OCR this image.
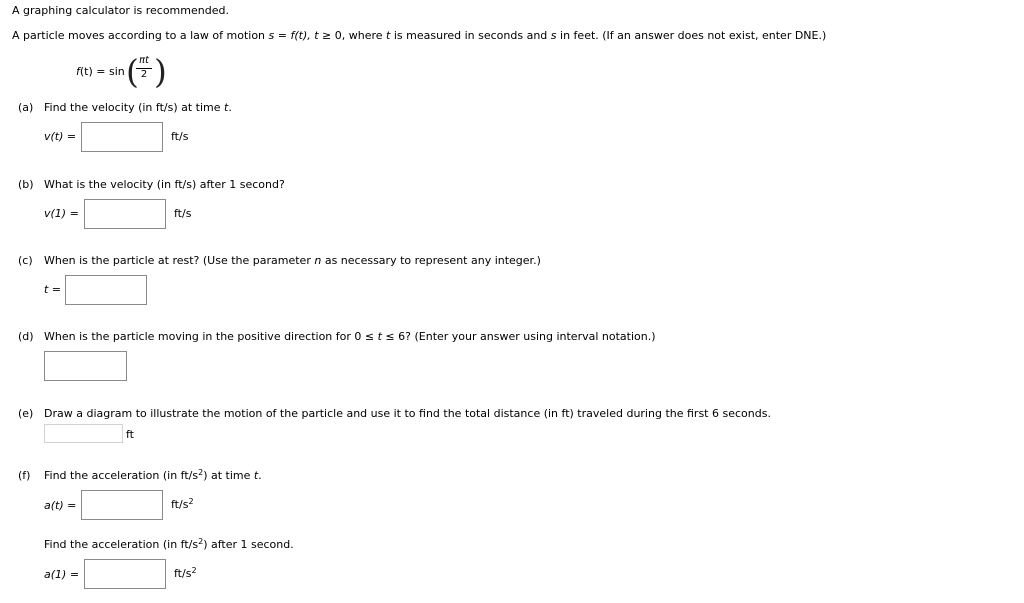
A graphing calculator is recommended.
A particle moves according to a law of motion s = f(t), t ≥ 0, where t is measured in seconds and s in feet. (If an answer does not exist, enter DNE.)
f(t) = sin ( πt
2 )
(a) Find the velocity (in ft/s) at time t.
v(t) =	ft/s
(b) What is the velocity (in ft/s) after 1 second?
v(1) =	ft/s
(c) When is the particle at rest? (Use the parameter n as necessary to represent any integer.)
t =
(d) When is the particle moving in the positive direction for 0 ≤ t ≤ 6? (Enter your answer using interval notation.)
(e) Draw a diagram to illustrate the motion of the particle and use it to find the total distance (in ft) traveled during the first 6 seconds.
ft
(f) Find the acceleration (in $ft/s^2$) at time t.
a(t) =	$ft/s^2$
Find the acceleration (in $ft/s^2$) after 1 second.
a(1) =	$ft/s^2$
